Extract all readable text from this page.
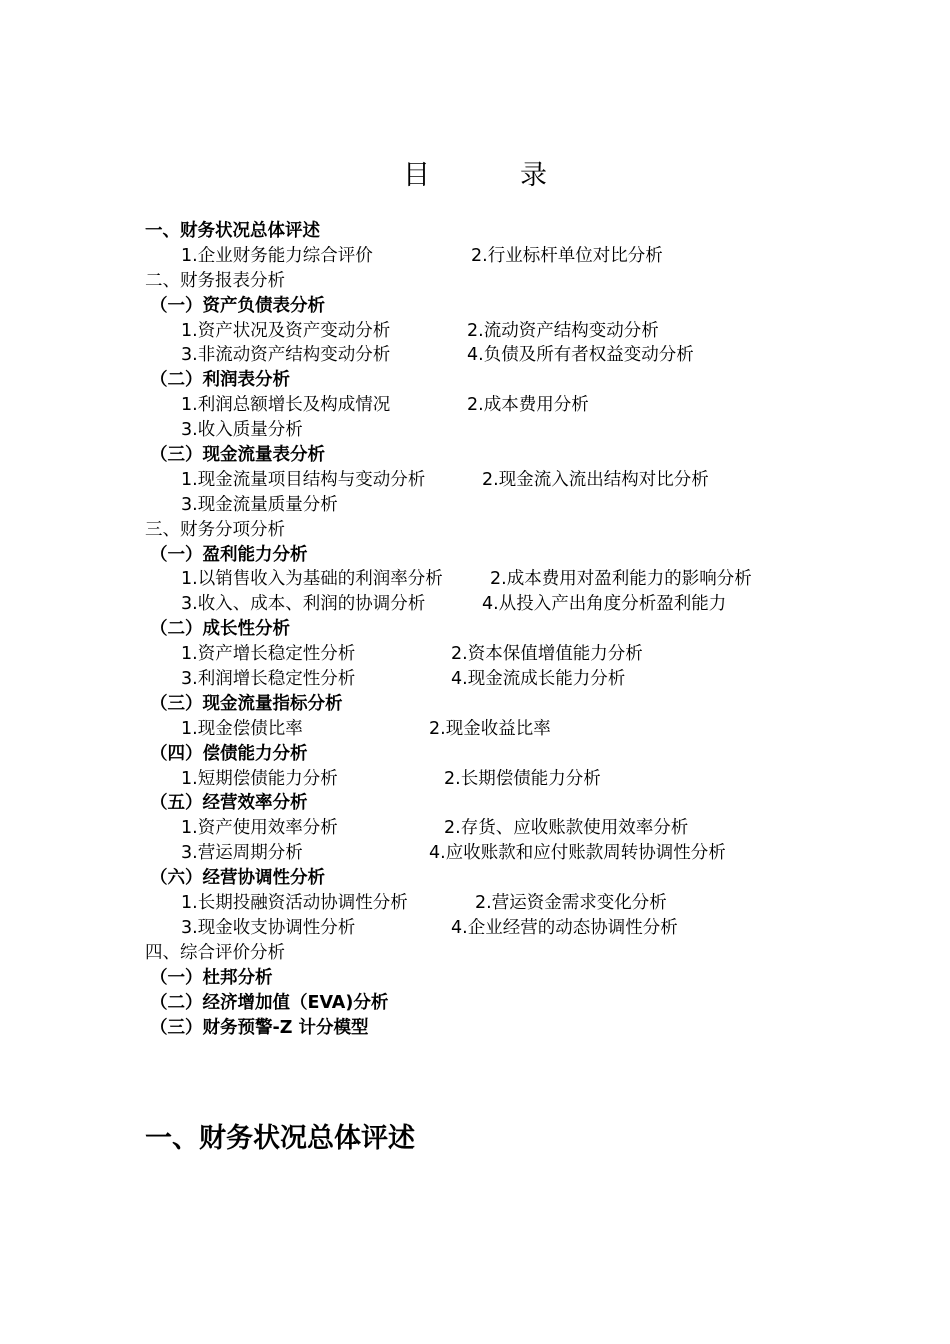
目	录
一、财务状况总体评述
1.企业财务能力综合评价	2.行业标杆单位对比分析
二、财务报表分析
（一）资产负债表分析
1.资产状况及资产变动分析	2.流动资产结构变动分析
3.非流动资产结构变动分析	4.负债及所有者权益变动分析
（二）利润表分析
1.利润总额增长及构成情况	2.成本费用分析
3.收入质量分析
（三）现金流量表分析
1.现金流量项目结构与变动分析	2.现金流入流出结构对比分析
3.现金流量质量分析
三、财务分项分析
（一）盈利能力分析
1.以销售收入为基础的利润率分析	2.成本费用对盈利能力的影响分析
3.收入、成本、利润的协调分析	4.从投入产出角度分析盈利能力
（二）成长性分析
1.资产增长稳定性分析	2.资本保值增值能力分析
3.利润增长稳定性分析	4.现金流成长能力分析
（三）现金流量指标分析
1.现金偿债比率	2.现金收益比率
（四）偿债能力分析
1.短期偿债能力分析	2.长期偿债能力分析
（五）经营效率分析
1.资产使用效率分析	2.存货、应收账款使用效率分析
3.营运周期分析	4.应收账款和应付账款周转协调性分析
（六）经营协调性分析
1.长期投融资活动协调性分析	2.营运资金需求变化分析
3.现金收支协调性分析	4.企业经营的动态协调性分析
四、综合评价分析
（一）杜邦分析
（二）经济增加值（EVA)分析
（三）财务预警-Z 计分模型
一、财务状况总体评述
